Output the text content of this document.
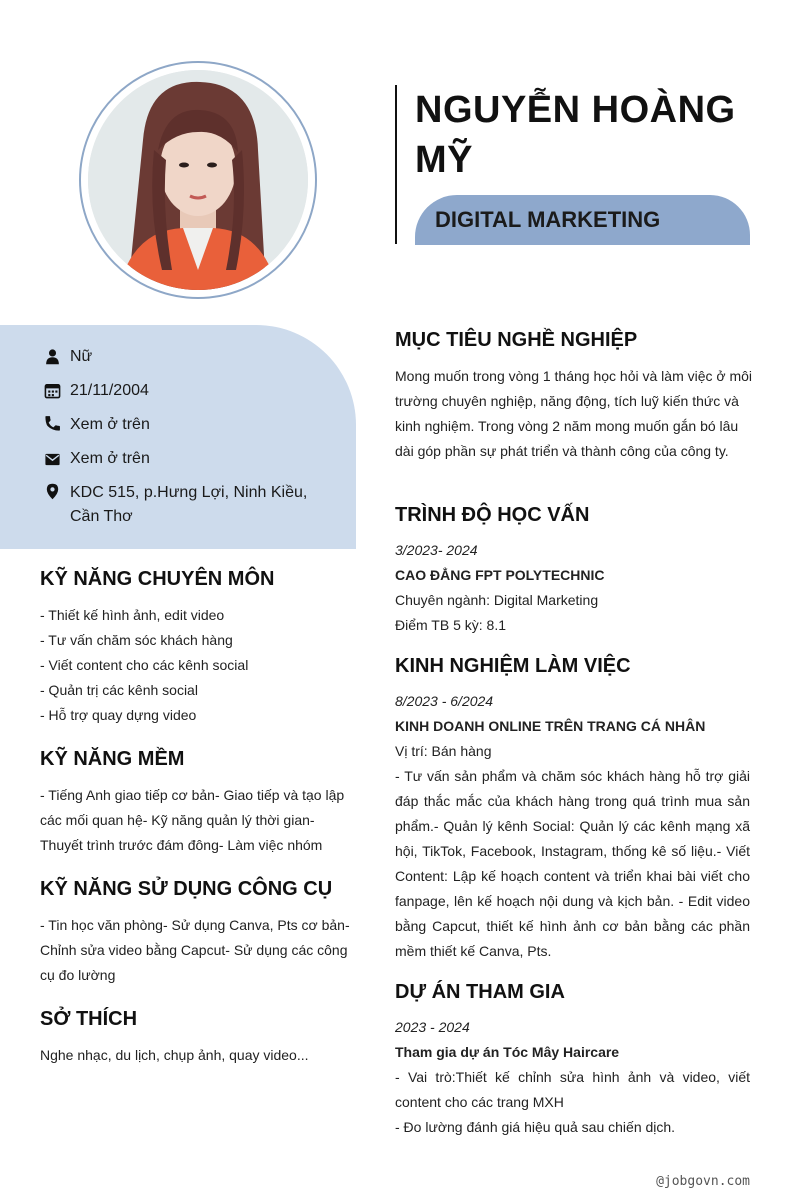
NGUYỄN HOÀNG MỸ
DIGITAL MARKETING
Nữ
21/11/2004
Xem ở trên
Xem ở trên
KDC 515, p.Hưng Lợi, Ninh Kiều, Cần Thơ
KỸ NĂNG CHUYÊN MÔN
- Thiết kế hình ảnh, edit video
- Tư vấn chăm sóc khách hàng
- Viết content cho các kênh social
- Quản trị các kênh social
- Hỗ trợ quay dựng video
KỸ NĂNG MỀM
- Tiếng Anh giao tiếp cơ bản- Giao tiếp và tạo lập các mối quan hệ- Kỹ năng quản lý thời gian- Thuyết trình trước đám đông- Làm việc nhóm
KỸ NĂNG SỬ DỤNG CÔNG CỤ
- Tin học văn phòng- Sử dụng Canva, Pts cơ bản- Chỉnh sửa video bằng Capcut- Sử dụng các công cụ đo lường
SỞ THÍCH
Nghe nhạc, du lịch, chụp ảnh, quay video...
MỤC TIÊU NGHỀ NGHIỆP
Mong muốn trong vòng 1 tháng học hỏi và làm việc ở môi trường chuyên nghiệp, năng động, tích luỹ kiến thức và kinh nghiệm. Trong vòng 2 năm mong muốn gắn bó lâu dài góp phần sự phát triển và thành công của công ty.
TRÌNH ĐỘ HỌC VẤN
3/2023- 2024
CAO ĐẲNG FPT POLYTECHNIC
Chuyên ngành: Digital Marketing
Điểm TB 5 kỳ: 8.1
KINH NGHIỆM LÀM VIỆC
8/2023 - 6/2024
KINH DOANH ONLINE TRÊN TRANG CÁ NHÂN
Vị trí: Bán hàng
- Tư vấn sản phẩm và chăm sóc khách hàng hỗ trợ giải đáp thắc mắc của khách hàng trong quá trình mua sản phẩm.- Quản lý kênh Social: Quản lý các kênh mạng xã hội, TikTok, Facebook, Instagram, thống kê số liệu.- Viết Content: Lập kế hoạch content và triển khai bài viết cho fanpage, lên kế hoạch nội dung và kịch bản. - Edit video bằng Capcut, thiết kế hình ảnh cơ bản bằng các phần mềm thiết kế Canva, Pts.
DỰ ÁN THAM GIA
2023 - 2024
Tham gia dự án Tóc Mây Haircare
- Vai trò:Thiết kế chỉnh sửa hình ảnh và video, viết content cho các trang MXH
- Đo lường đánh giá hiệu quả sau chiến dịch.
@jobgovn.com
